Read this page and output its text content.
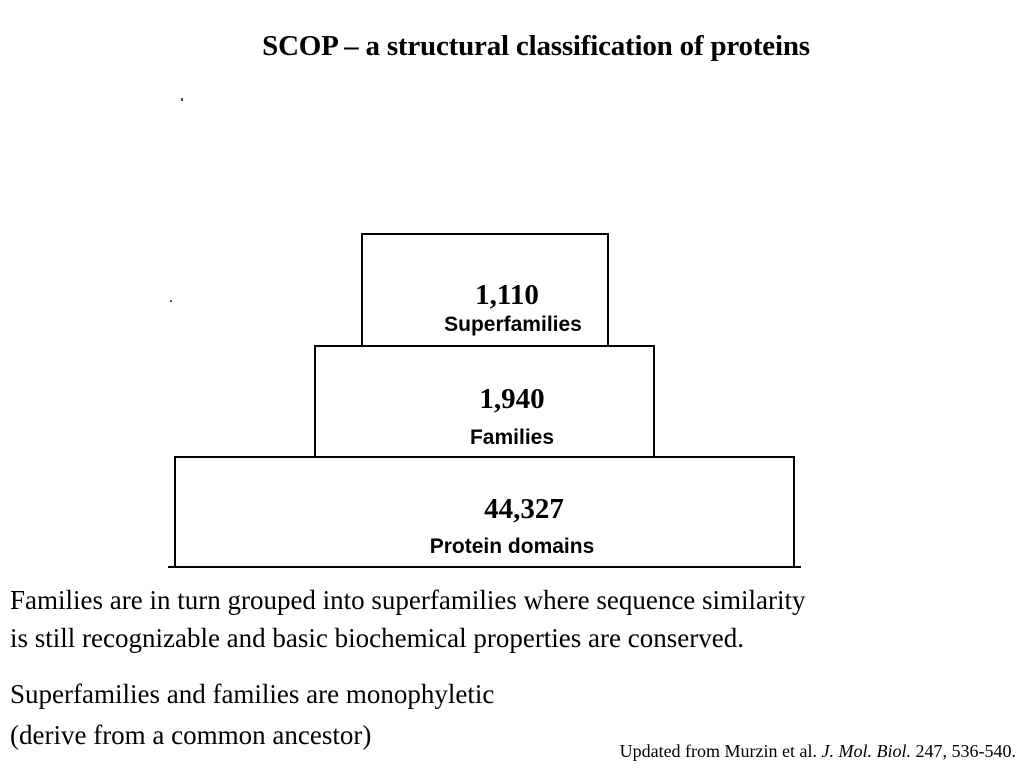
SCOP – a structural classification of proteins
1,110
Superfamilies
1,940
Families
44,327
Protein domains
Families are in turn grouped into superfamilies where sequence similarity
is still recognizable and basic biochemical properties are conserved.
Superfamilies and families are monophyletic
(derive from a common ancestor)
Updated from Murzin et al. J. Mol. Biol. 247, 536-540.
